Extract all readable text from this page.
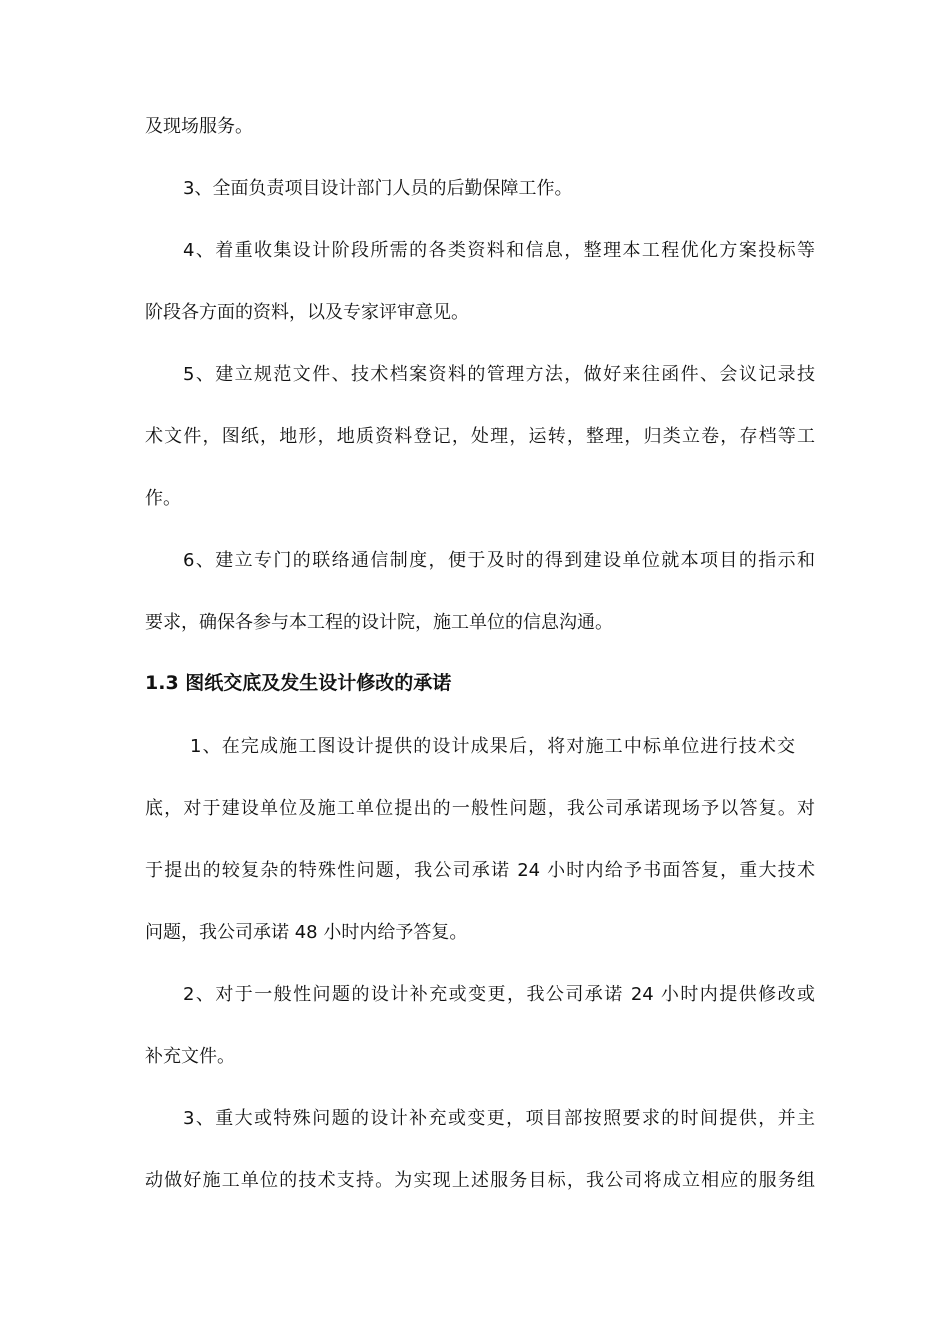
及现场服务。
3、全面负责项目设计部门人员的后勤保障工作。
4、着重收集设计阶段所需的各类资料和信息，整理本工程优化方案投标等
阶段各方面的资料，以及专家评审意见。
5、建立规范文件、技术档案资料的管理方法，做好来往函件、会议记录技
术文件，图纸，地形，地质资料登记，处理，运转，整理，归类立卷，存档等工
作。
6、建立专门的联络通信制度，便于及时的得到建设单位就本项目的指示和
要求，确保各参与本工程的设计院，施工单位的信息沟通。
1.3 图纸交底及发生设计修改的承诺
1、在完成施工图设计提供的设计成果后，将对施工中标单位进行技术交
底，对于建设单位及施工单位提出的一般性问题，我公司承诺现场予以答复。对
于提出的较复杂的特殊性问题，我公司承诺 24 小时内给予书面答复，重大技术
问题，我公司承诺 48 小时内给予答复。
2、对于一般性问题的设计补充或变更，我公司承诺 24 小时内提供修改或
补充文件。
3、重大或特殊问题的设计补充或变更，项目部按照要求的时间提供，并主
动做好施工单位的技术支持。为实现上述服务目标，我公司将成立相应的服务组
